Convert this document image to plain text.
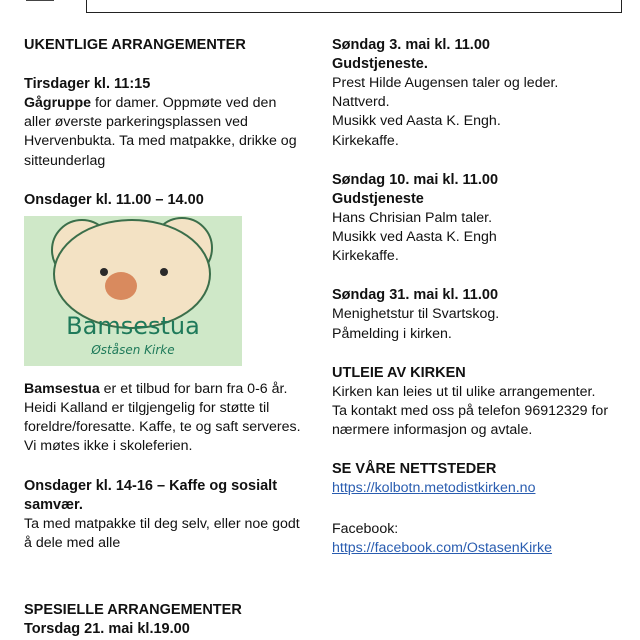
UKENTLIGE ARRANGEMENTER
Tirsdager kl. 11:15

Gågruppe for damer. Oppmøte ved den aller øverste parkeringsplassen ved Hvervenbukta. Ta med matpakke, drikke og sitteunderlag

Onsdager kl. 11.00 – 14.00
Bamsestua
Øståsen Kirke

Bamsestua er et tilbud for barn fra 0-6 år. Heidi Kalland er tilgjengelig for støtte til foreldre/foresatte. Kaffe, te og saft serveres. Vi møtes ikke i skoleferien.

Onsdager kl. 14-16 – Kaffe og sosialt samvær.

Ta med matpakke til deg selv, eller noe godt å dele med alle

SPESIELLE ARRANGEMENTER
Torsdag 21. mai kl.19.00
Søndag 3. mai kl. 11.00
Gudstjeneste.

Prest Hilde Augensen taler og leder.

Nattverd.

Musikk ved Aasta K. Engh.

Kirkekaffe.

Søndag 10. mai kl. 11.00
Gudstjeneste

Hans Chrisian Palm taler.

Musikk ved Aasta K. Engh

Kirkekaffe.

Søndag 31. mai kl. 11.00

Menighetstur til Svartskog.

Påmelding i kirken.

UTLEIE AV KIRKEN

Kirken kan leies ut til ulike arrangementer. Ta kontakt med oss på telefon 96912329 for nærmere informasjon og avtale.

SE VÅRE NETTSTEDER
https://kolbotn.metodistkirken.no

Facebook:

https://facebook.com/OstasenKirke
